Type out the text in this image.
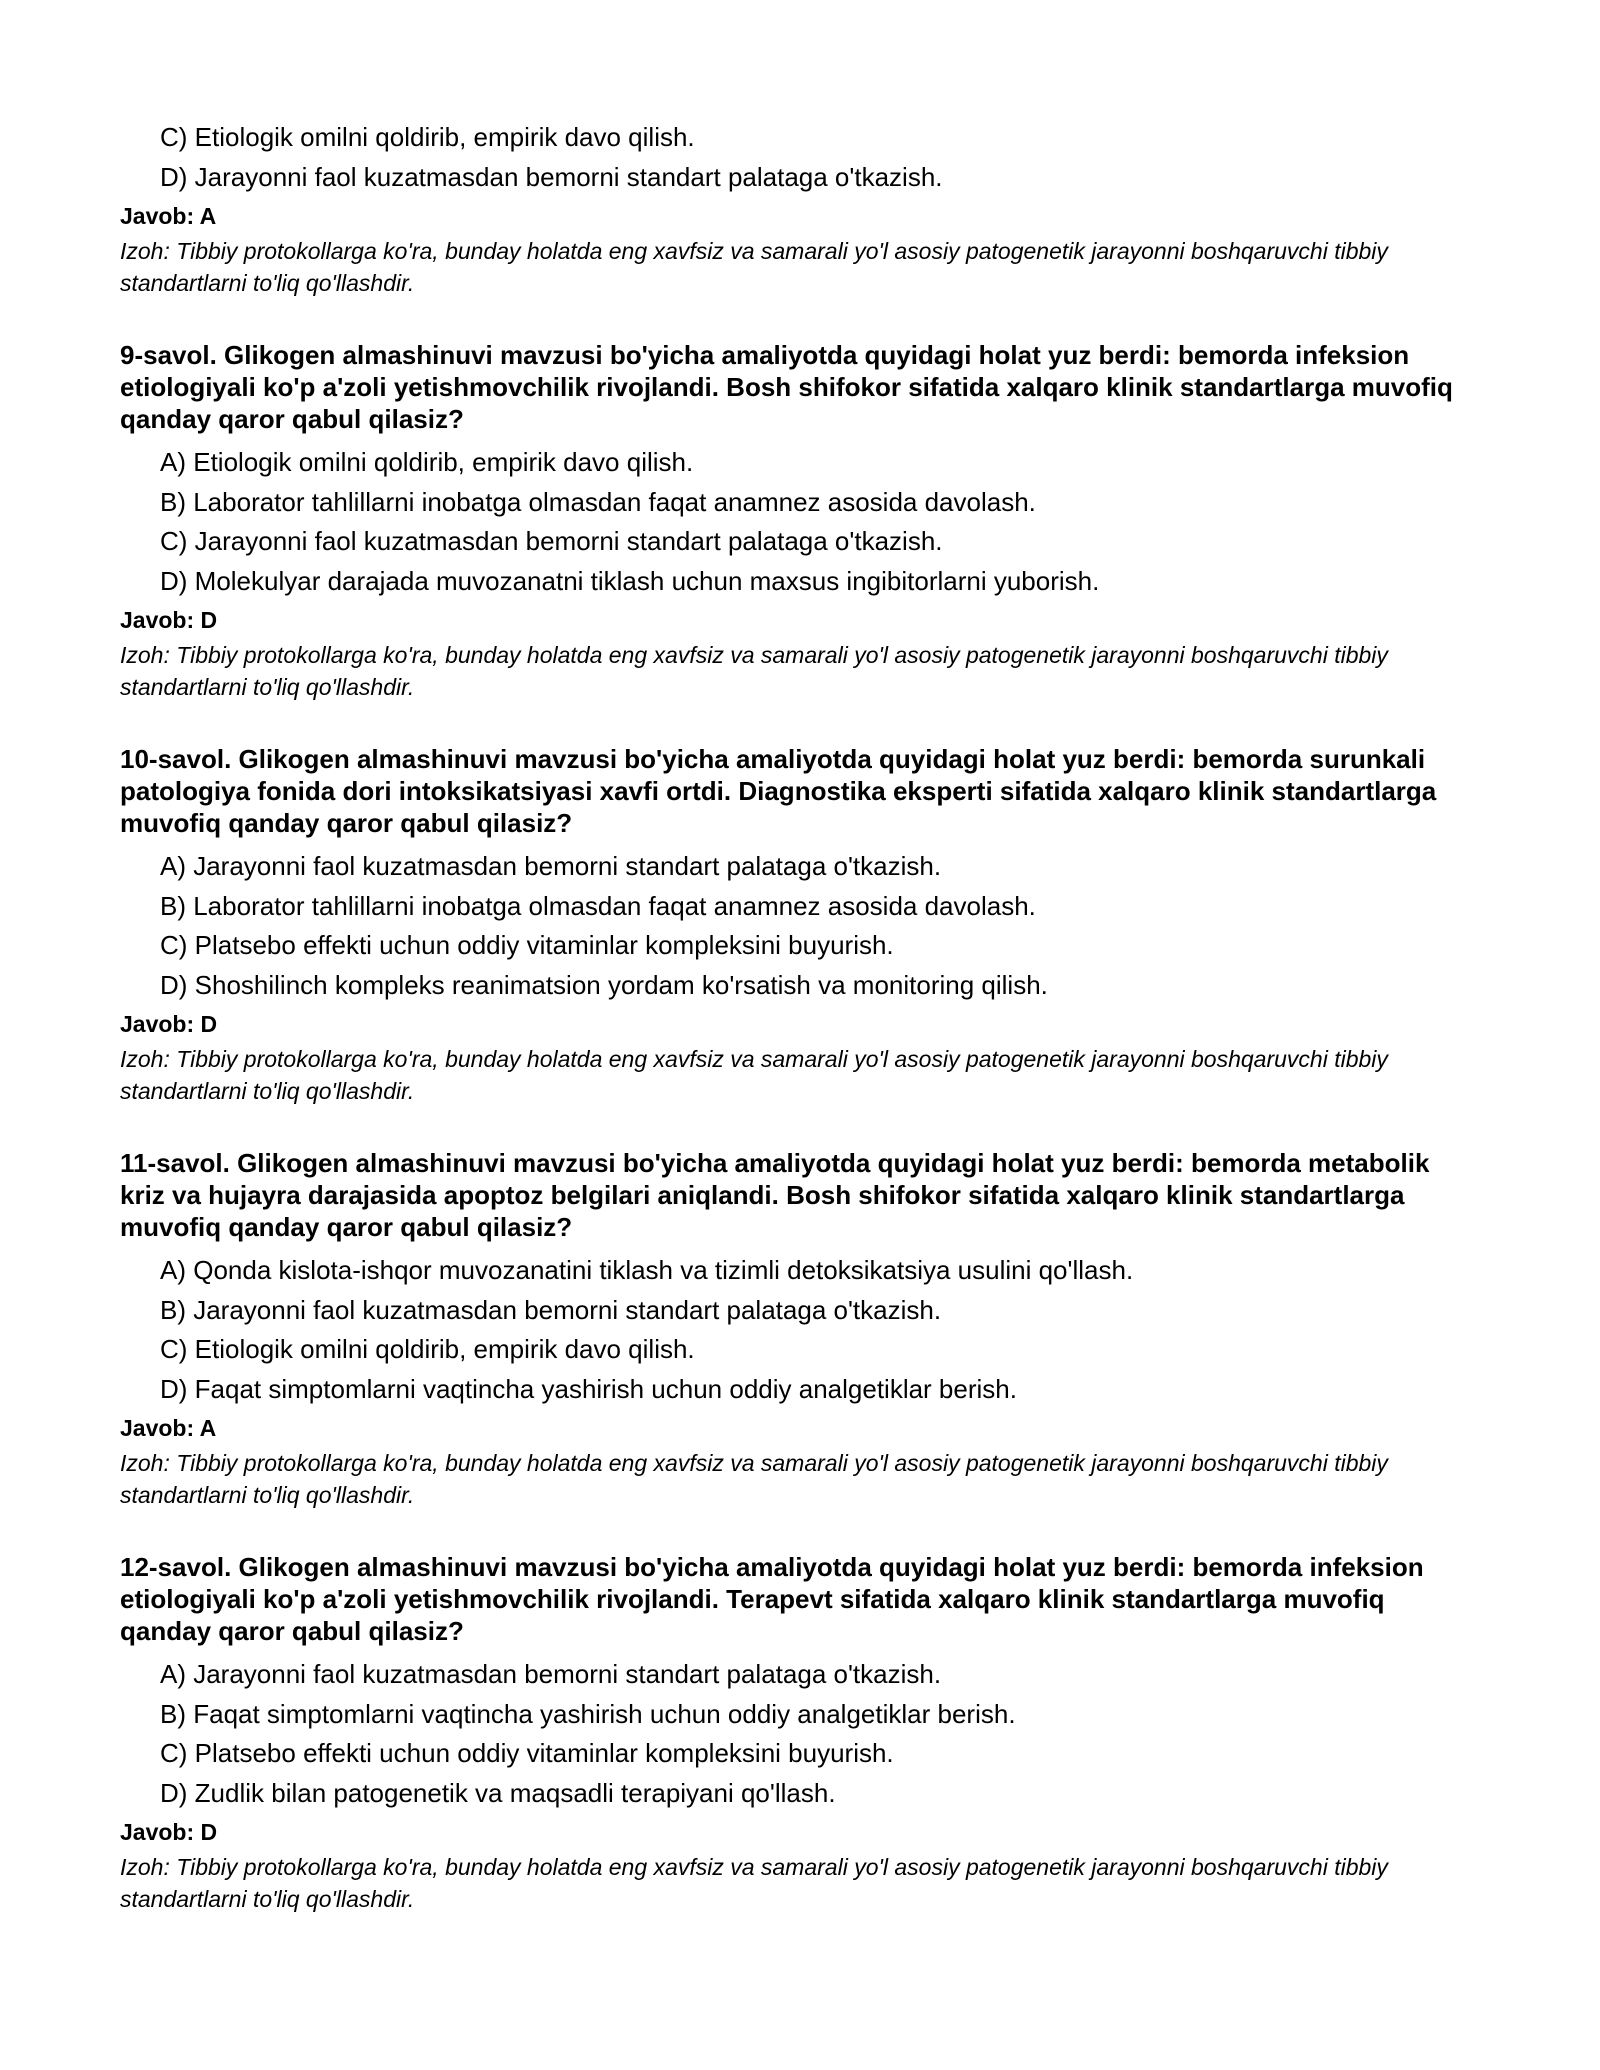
C) Etiologik omilni qoldirib, empirik davo qilish.
D) Jarayonni faol kuzatmasdan bemorni standart palataga o'tkazish.
Javob: A
Izoh: Tibbiy protokollarga ko'ra, bunday holatda eng xavfsiz va samarali yo'l asosiy patogenetik jarayonni boshqaruvchi tibbiy standartlarni to'liq qo'llashdir.
9-savol. Glikogen almashinuvi mavzusi bo'yicha amaliyotda quyidagi holat yuz berdi: bemorda infeksion etiologiyali ko'p a'zoli yetishmovchilik rivojlandi. Bosh shifokor sifatida xalqaro klinik standartlarga muvofiq qanday qaror qabul qilasiz?
A) Etiologik omilni qoldirib, empirik davo qilish.
B) Laborator tahlillarni inobatga olmasdan faqat anamnez asosida davolash.
C) Jarayonni faol kuzatmasdan bemorni standart palataga o'tkazish.
D) Molekulyar darajada muvozanatni tiklash uchun maxsus ingibitorlarni yuborish.
Javob: D
Izoh: Tibbiy protokollarga ko'ra, bunday holatda eng xavfsiz va samarali yo'l asosiy patogenetik jarayonni boshqaruvchi tibbiy standartlarni to'liq qo'llashdir.
10-savol. Glikogen almashinuvi mavzusi bo'yicha amaliyotda quyidagi holat yuz berdi: bemorda surunkali patologiya fonida dori intoksikatsiyasi xavfi ortdi. Diagnostika eksperti sifatida xalqaro klinik standartlarga muvofiq qanday qaror qabul qilasiz?
A) Jarayonni faol kuzatmasdan bemorni standart palataga o'tkazish.
B) Laborator tahlillarni inobatga olmasdan faqat anamnez asosida davolash.
C) Platsebo effekti uchun oddiy vitaminlar kompleksini buyurish.
D) Shoshilinch kompleks reanimatsion yordam ko'rsatish va monitoring qilish.
Javob: D
Izoh: Tibbiy protokollarga ko'ra, bunday holatda eng xavfsiz va samarali yo'l asosiy patogenetik jarayonni boshqaruvchi tibbiy standartlarni to'liq qo'llashdir.
11-savol. Glikogen almashinuvi mavzusi bo'yicha amaliyotda quyidagi holat yuz berdi: bemorda metabolik kriz va hujayra darajasida apoptoz belgilari aniqlandi. Bosh shifokor sifatida xalqaro klinik standartlarga muvofiq qanday qaror qabul qilasiz?
A) Qonda kislota-ishqor muvozanatini tiklash va tizimli detoksikatsiya usulini qo'llash.
B) Jarayonni faol kuzatmasdan bemorni standart palataga o'tkazish.
C) Etiologik omilni qoldirib, empirik davo qilish.
D) Faqat simptomlarni vaqtincha yashirish uchun oddiy analgetiklar berish.
Javob: A
Izoh: Tibbiy protokollarga ko'ra, bunday holatda eng xavfsiz va samarali yo'l asosiy patogenetik jarayonni boshqaruvchi tibbiy standartlarni to'liq qo'llashdir.
12-savol. Glikogen almashinuvi mavzusi bo'yicha amaliyotda quyidagi holat yuz berdi: bemorda infeksion etiologiyali ko'p a'zoli yetishmovchilik rivojlandi. Terapevt sifatida xalqaro klinik standartlarga muvofiq qanday qaror qabul qilasiz?
A) Jarayonni faol kuzatmasdan bemorni standart palataga o'tkazish.
B) Faqat simptomlarni vaqtincha yashirish uchun oddiy analgetiklar berish.
C) Platsebo effekti uchun oddiy vitaminlar kompleksini buyurish.
D) Zudlik bilan patogenetik va maqsadli terapiyani qo'llash.
Javob: D
Izoh: Tibbiy protokollarga ko'ra, bunday holatda eng xavfsiz va samarali yo'l asosiy patogenetik jarayonni boshqaruvchi tibbiy standartlarni to'liq qo'llashdir.
